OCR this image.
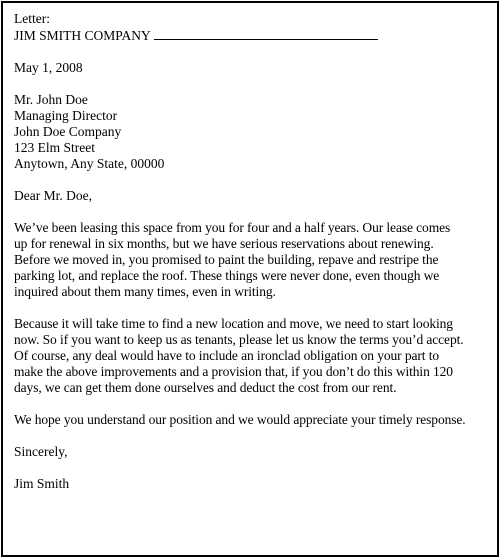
Letter:
JIM SMITH COMPANY
May 1, 2008
Mr. John Doe
Managing Director
John Doe Company
123 Elm Street
Anytown, Any State, 00000
Dear Mr. Doe,
We’ve been leasing this space from you for four and a half years. Our lease comes
up for renewal in six months, but we have serious reservations about renewing.
Before we moved in, you promised to paint the building, repave and restripe the
parking lot, and replace the roof. These things were never done, even though we
inquired about them many times, even in writing.
Because it will take time to find a new location and move, we need to start looking
now. So if you want to keep us as tenants, please let us know the terms you’d accept.
Of course, any deal would have to include an ironclad obligation on your part to
make the above improvements and a provision that, if you don’t do this within 120
days, we can get them done ourselves and deduct the cost from our rent.
We hope you understand our position and we would appreciate your timely response.
Sincerely,
Jim Smith
